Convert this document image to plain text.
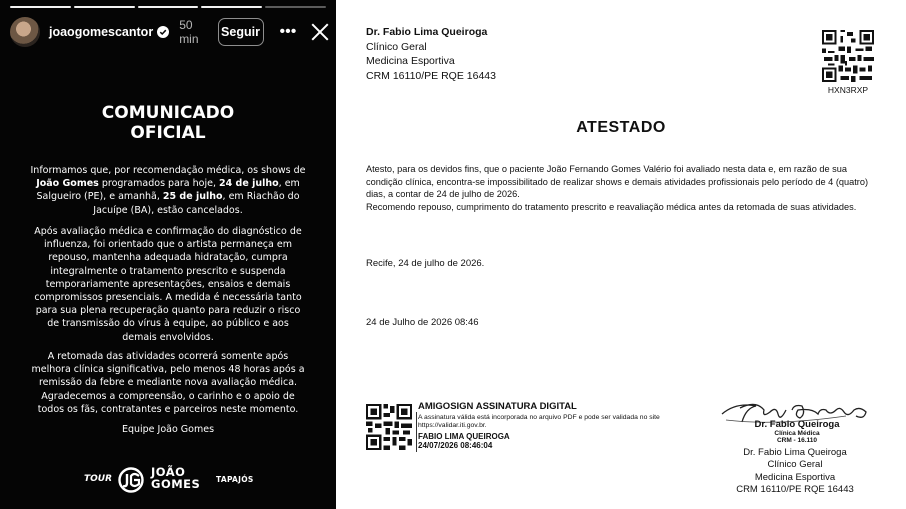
joaogomescantor 50 min	Seguir •••
COMUNICADO
OFICIAL
Informamos que, por recomendação médica, os shows de João Gomes programados para hoje, 24 de julho, em Salgueiro (PE), e amanhã, 25 de julho, em Riachão do Jacuípe (BA), estão cancelados.
Após avaliação médica e confirmação do diagnóstico de influenza, foi orientado que o artista permaneça em repouso, mantenha adequada hidratação, cumpra integralmente o tratamento prescrito e suspenda temporariamente apresentações, ensaios e demais compromissos presenciais. A medida é necessária tanto para sua plena recuperação quanto para reduzir o risco de transmissão do vírus à equipe, ao público e aos demais envolvidos.
A retomada das atividades ocorrerá somente após melhora clínica significativa, pelo menos 48 horas após a remissão da febre e mediante nova avaliação médica. Agradecemos a compreensão, o carinho e o apoio de todos os fãs, contratantes e parceiros neste momento.
Equipe João Gomes
TOUR	JOÃO
GOMES TAPAJÓS
Dr. Fabio Lima Queiroga
Clínico Geral
Medicina Esportiva
CRM 16110/PE RQE 16443
HXN3RXP
ATESTADO
Atesto, para os devidos fins, que o paciente João Fernando Gomes Valério foi avaliado nesta data e, em razão de sua condição clínica, encontra-se impossibilitado de realizar shows e demais atividades profissionais pelo período de 4 (quatro) dias, a contar de 24 de julho de 2026.
Recomendo repouso, cumprimento do tratamento prescrito e reavaliação médica antes da retomada de suas atividades.
Recife, 24 de julho de 2026.
24 de Julho de 2026 08:46
AMIGOSIGN ASSINATURA DIGITAL
A assinatura válida está incorporada no arquivo PDF e pode ser validada no site https://validar.iti.gov.br.
FABIO LIMA QUEIROGA
24/07/2026 08:46:04
Dr. Fabio Queiroga
Clínica Médica
CRM - 16.110
Dr. Fabio Lima Queiroga
Clínico Geral
Medicina Esportiva
CRM 16110/PE RQE 16443
